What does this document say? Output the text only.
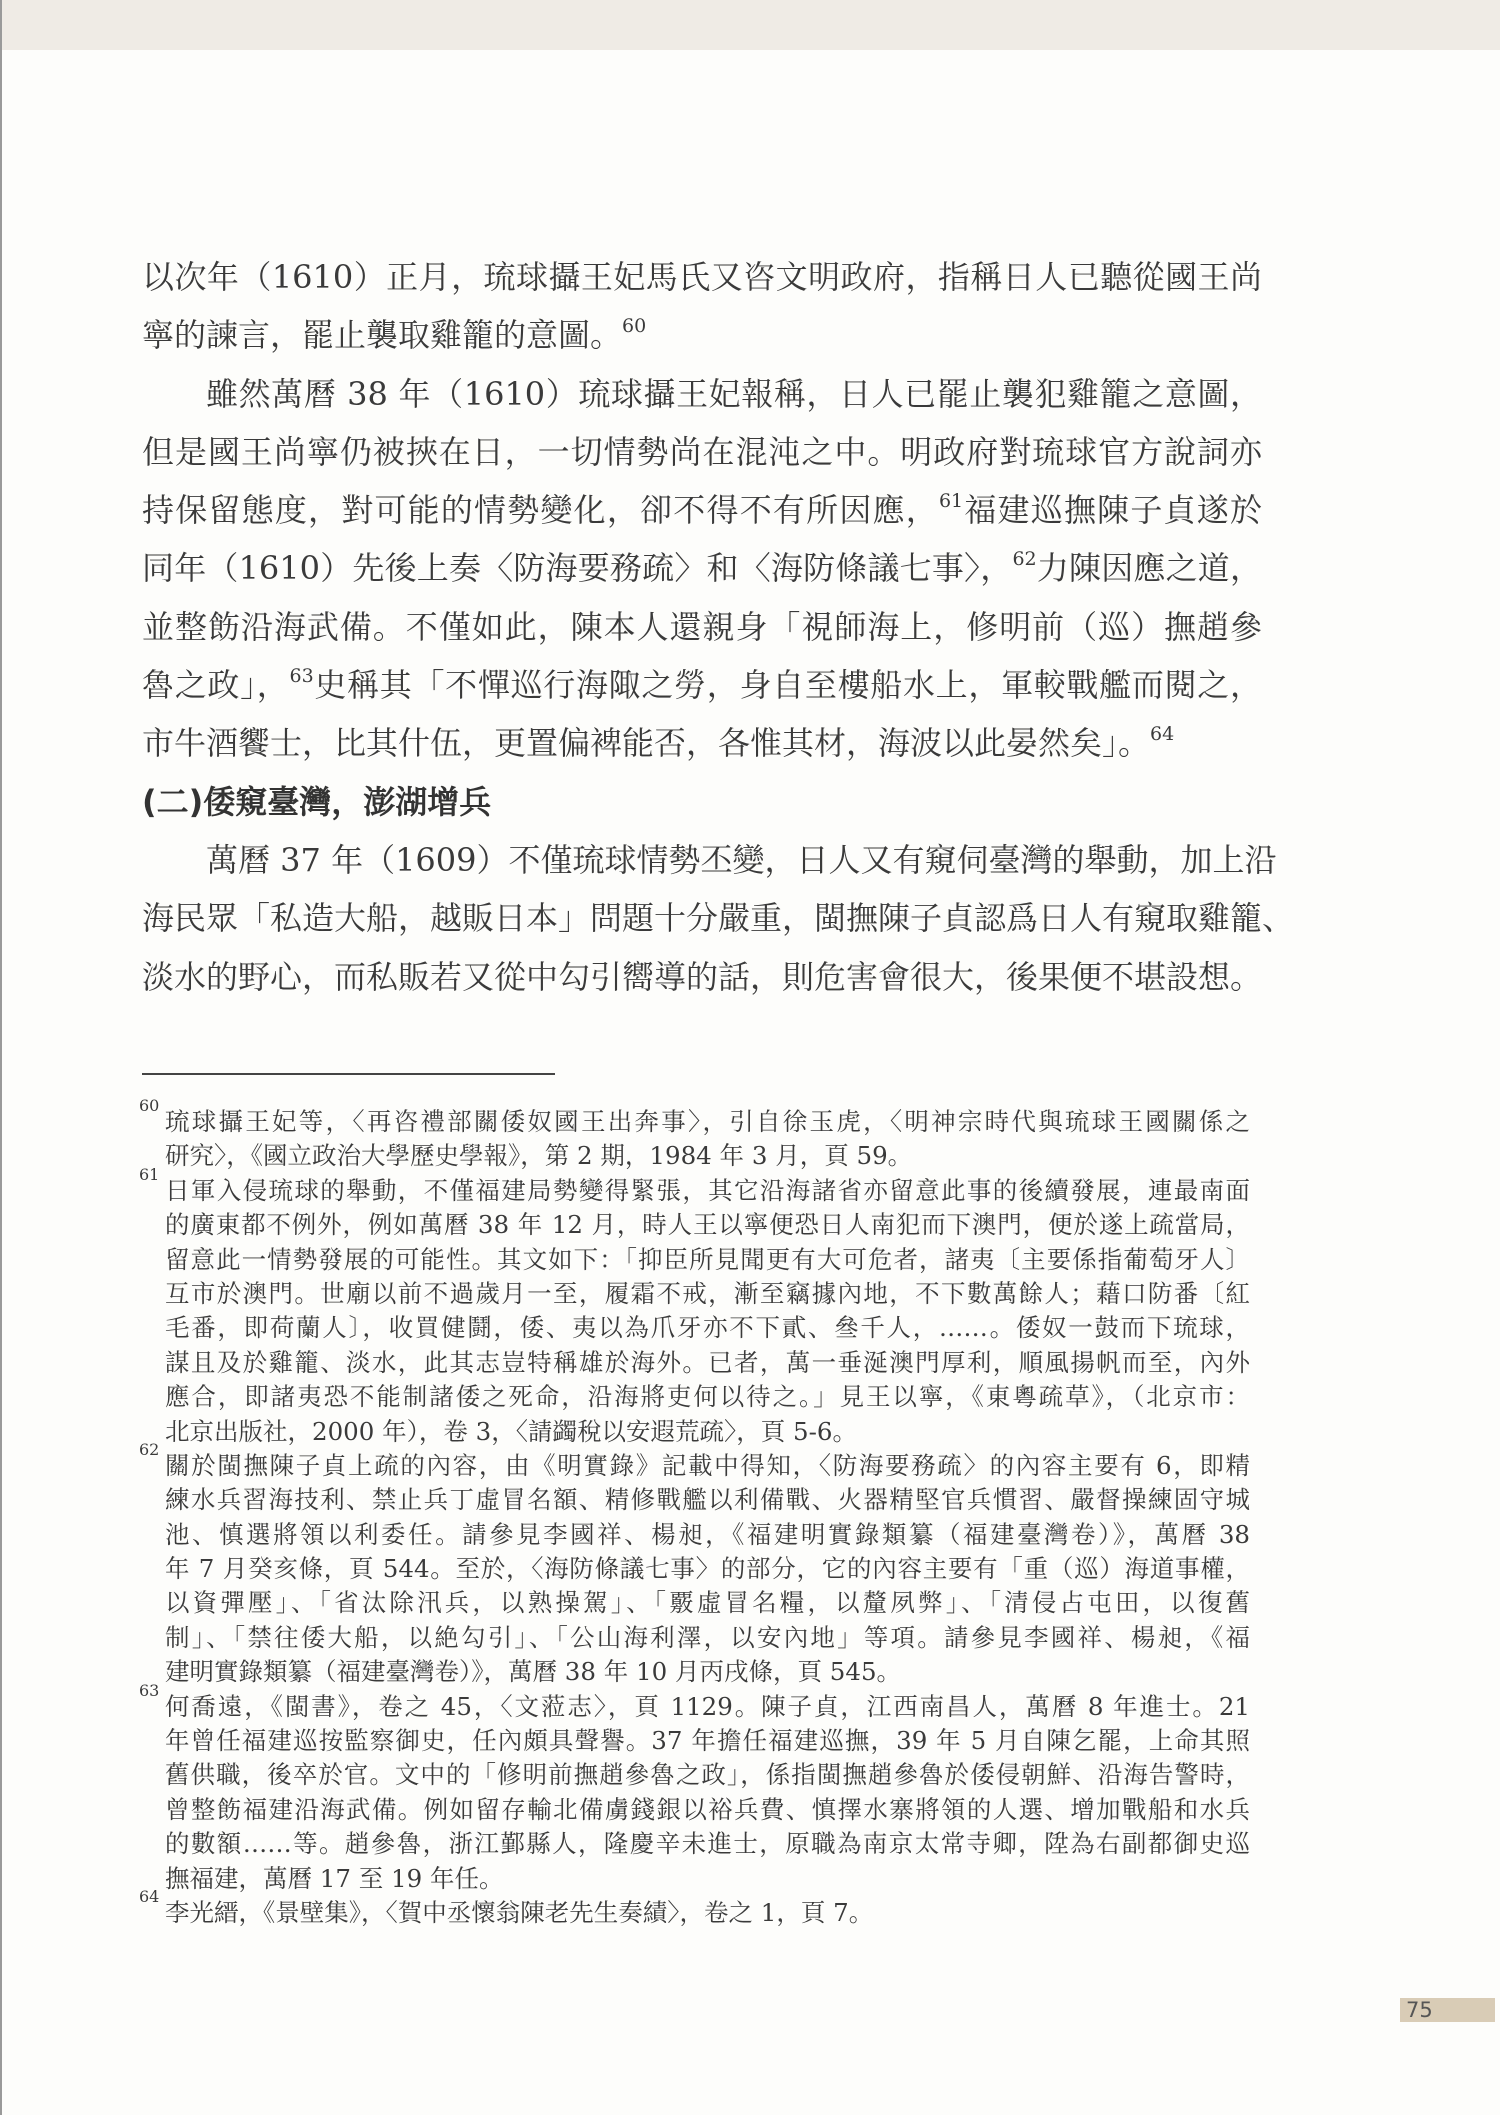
以次年（1610）正月，琉球攝王妃馬氏又咨文明政府，指稱日人已聽從國王尚
寧的諫言，罷止襲取雞籠的意圖。$^{60}$
雖然萬曆 38 年（1610）琉球攝王妃報稱，日人已罷止襲犯雞籠之意圖，
但是國王尚寧仍被挾在日，一切情勢尚在混沌之中。明政府對琉球官方說詞亦
持保留態度，對可能的情勢變化，卻不得不有所因應，$^{61}$福建巡撫陳子貞遂於
同年（1610）先後上奏〈防海要務疏〉和〈海防條議七事〉，$^{62}$力陳因應之道，
並整飭沿海武備。不僅如此，陳本人還親身「視師海上，修明前（巡）撫趙參
魯之政」，$^{63}$史稱其「不憚巡行海陬之勞，身自至樓船水上，軍較戰艦而閱之，
市牛酒饗士，比其什伍，更置偏裨能否，各惟其材，海波以此晏然矣」。$^{64}$
(二)倭窺臺灣，澎湖增兵
萬曆 37 年（1609）不僅琉球情勢丕變，日人又有窺伺臺灣的舉動，加上沿
海民眾「私造大船，越販日本」問題十分嚴重，閩撫陳子貞認爲日人有窺取雞籠、
淡水的野心，而私販若又從中勾引嚮導的話，則危害會很大，後果便不堪設想。
60
琉球攝王妃等，〈再咨禮部關倭奴國王出奔事〉，引自徐玉虎，〈明神宗時代與琉球王國關係之
研究〉，《國立政治大學歷史學報》，第 2 期，1984 年 3 月，頁 59。
61
日軍入侵琉球的舉動，不僅福建局勢變得緊張，其它沿海諸省亦留意此事的後續發展，連最南面
的廣東都不例外，例如萬曆 38 年 12 月，時人王以寧便恐日人南犯而下澳門，便於遂上疏當局，
留意此一情勢發展的可能性。其文如下：「抑臣所見聞更有大可危者，諸夷〔主要係指葡萄牙人〕
互市於澳門。世廟以前不過歲月一至，履霜不戒，漸至竊據內地，不下數萬餘人；藉口防番〔紅
毛番，即荷蘭人〕，收買健鬪，倭、夷以為爪牙亦不下貳、叄千人，……。倭奴一鼓而下琉球，
謀且及於雞籠、淡水，此其志豈特稱雄於海外。已者，萬一垂涎澳門厚利，順風揚帆而至，內外
應合，即諸夷恐不能制諸倭之死命，沿海將吏何以待之。」見王以寧，《東粵疏草》，（北京市：
北京出版社，2000 年），卷 3，〈請蠲稅以安遐荒疏〉，頁 5-6。
62
關於閩撫陳子貞上疏的內容，由《明實錄》記載中得知，〈防海要務疏〉的內容主要有 6，即精
練水兵習海技利、禁止兵丁虛冒名額、精修戰艦以利備戰、火器精堅官兵慣習、嚴督操練固守城
池、慎選將領以利委任。請參見李國祥、楊昶，《福建明實錄類纂（福建臺灣卷）》，萬曆 38
年 7 月癸亥條，頁 544。至於，〈海防條議七事〉的部分，它的內容主要有「重（巡）海道事權，
以資彈壓」、「省汰除汛兵，以熟操駕」、「覈虛冒名糧，以釐夙弊」、「清侵占屯田，以復舊
制」、「禁往倭大船，以絶勾引」、「公山海利澤，以安內地」等項。請參見李國祥、楊昶，《福
建明實錄類纂（福建臺灣卷）》，萬曆 38 年 10 月丙戌條，頁 545。
63
何喬遠，《閩書》，卷之 45，〈文蒞志〉，頁 1129。陳子貞，江西南昌人，萬曆 8 年進士。21
年曾任福建巡按監察御史，任內頗具聲譽。37 年擔任福建巡撫，39 年 5 月自陳乞罷，上命其照
舊供職，後卒於官。文中的「修明前撫趙參魯之政」，係指閩撫趙參魯於倭侵朝鮮、沿海告警時，
曾整飭福建沿海武備。例如留存輸北備虜錢銀以裕兵費、慎擇水寨將領的人選、增加戰船和水兵
的數額……等。趙參魯，浙江鄞縣人，隆慶辛未進士，原職為南京太常寺卿，陞為右副都御史巡
撫福建，萬曆 17 至 19 年任。
64
李光縉，《景壁集》，〈賀中丞懷翁陳老先生奏績〉，卷之 1，頁 7。
75
